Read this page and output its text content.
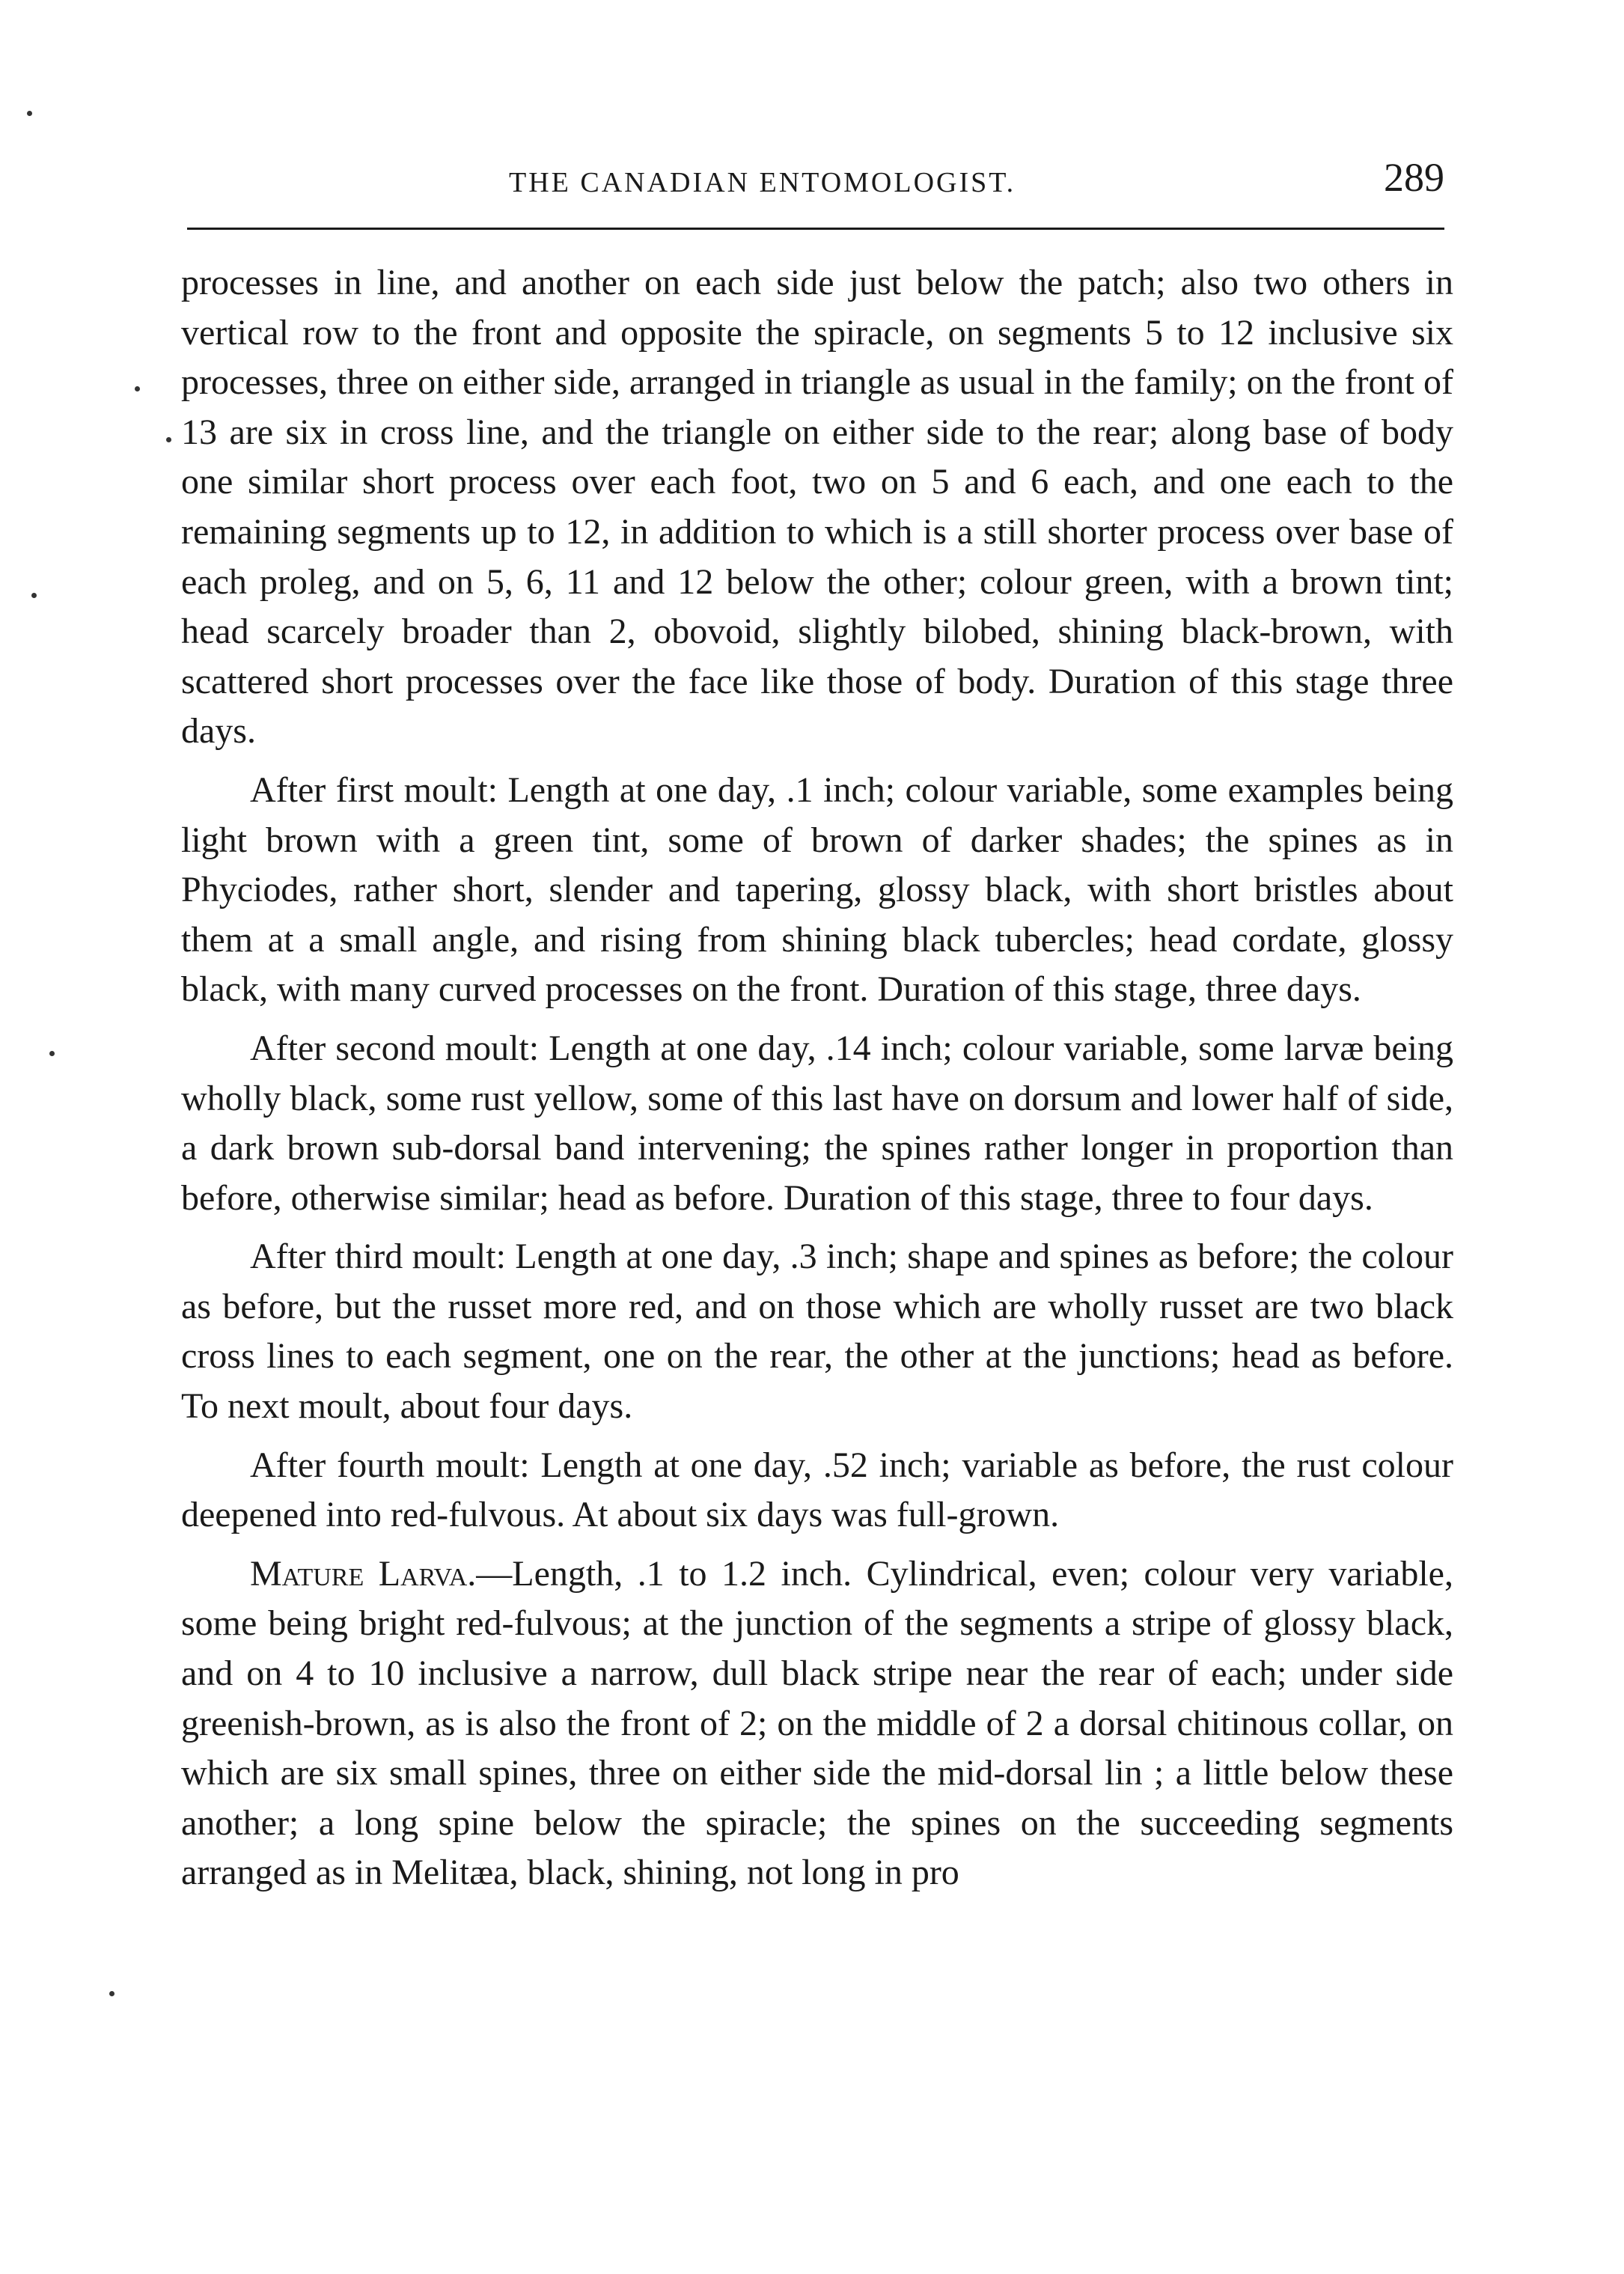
THE CANADIAN ENTOMOLOGIST.	289

processes in line, and another on each side just below the patch; also two others in vertical row to the front and opposite the spiracle, on segments 5 to 12 inclusive six processes, three on either side, arranged in triangle as usual in the family; on the front of 13 are six in cross line, and the triangle on either side to the rear; along base of body one similar short process over each foot, two on 5 and 6 each, and one each to the remaining segments up to 12, in addition to which is a still shorter process over base of each proleg, and on 5, 6, 11 and 12 below the other; colour green, with a brown tint; head scarcely broader than 2, obovoid, slightly bilobed, shining black-brown, with scattered short processes over the face like those of body. Duration of this stage three days.

After first moult: Length at one day, .1 inch; colour variable, some examples being light brown with a green tint, some of brown of darker shades; the spines as in Phyciodes, rather short, slender and tapering, glossy black, with short bristles about them at a small angle, and rising from shining black tubercles; head cordate, glossy black, with many curved processes on the front. Duration of this stage, three days.

After second moult: Length at one day, .14 inch; colour variable, some larvæ being wholly black, some rust yellow, some of this last have on dorsum and lower half of side, a dark brown sub-dorsal band intervening; the spines rather longer in proportion than before, otherwise similar; head as before. Duration of this stage, three to four days.

After third moult: Length at one day, .3 inch; shape and spines as before; the colour as before, but the russet more red, and on those which are wholly russet are two black cross lines to each segment, one on the rear, the other at the junctions; head as before. To next moult, about four days.

After fourth moult: Length at one day, .52 inch; variable as before, the rust colour deepened into red-fulvous. At about six days was full-grown.

Mature Larva.—Length, .1 to 1.2 inch. Cylindrical, even; colour very variable, some being bright red-fulvous; at the junction of the segments a stripe of glossy black, and on 4 to 10 inclusive a narrow, dull black stripe near the rear of each; under side greenish-brown, as is also the front of 2; on the middle of 2 a dorsal chitinous collar, on which are six small spines, three on either side the mid-dorsal lin ; a little below these another; a long spine below the spiracle; the spines on the succeeding segments arranged as in Melitæa, black, shining, not long in pro
